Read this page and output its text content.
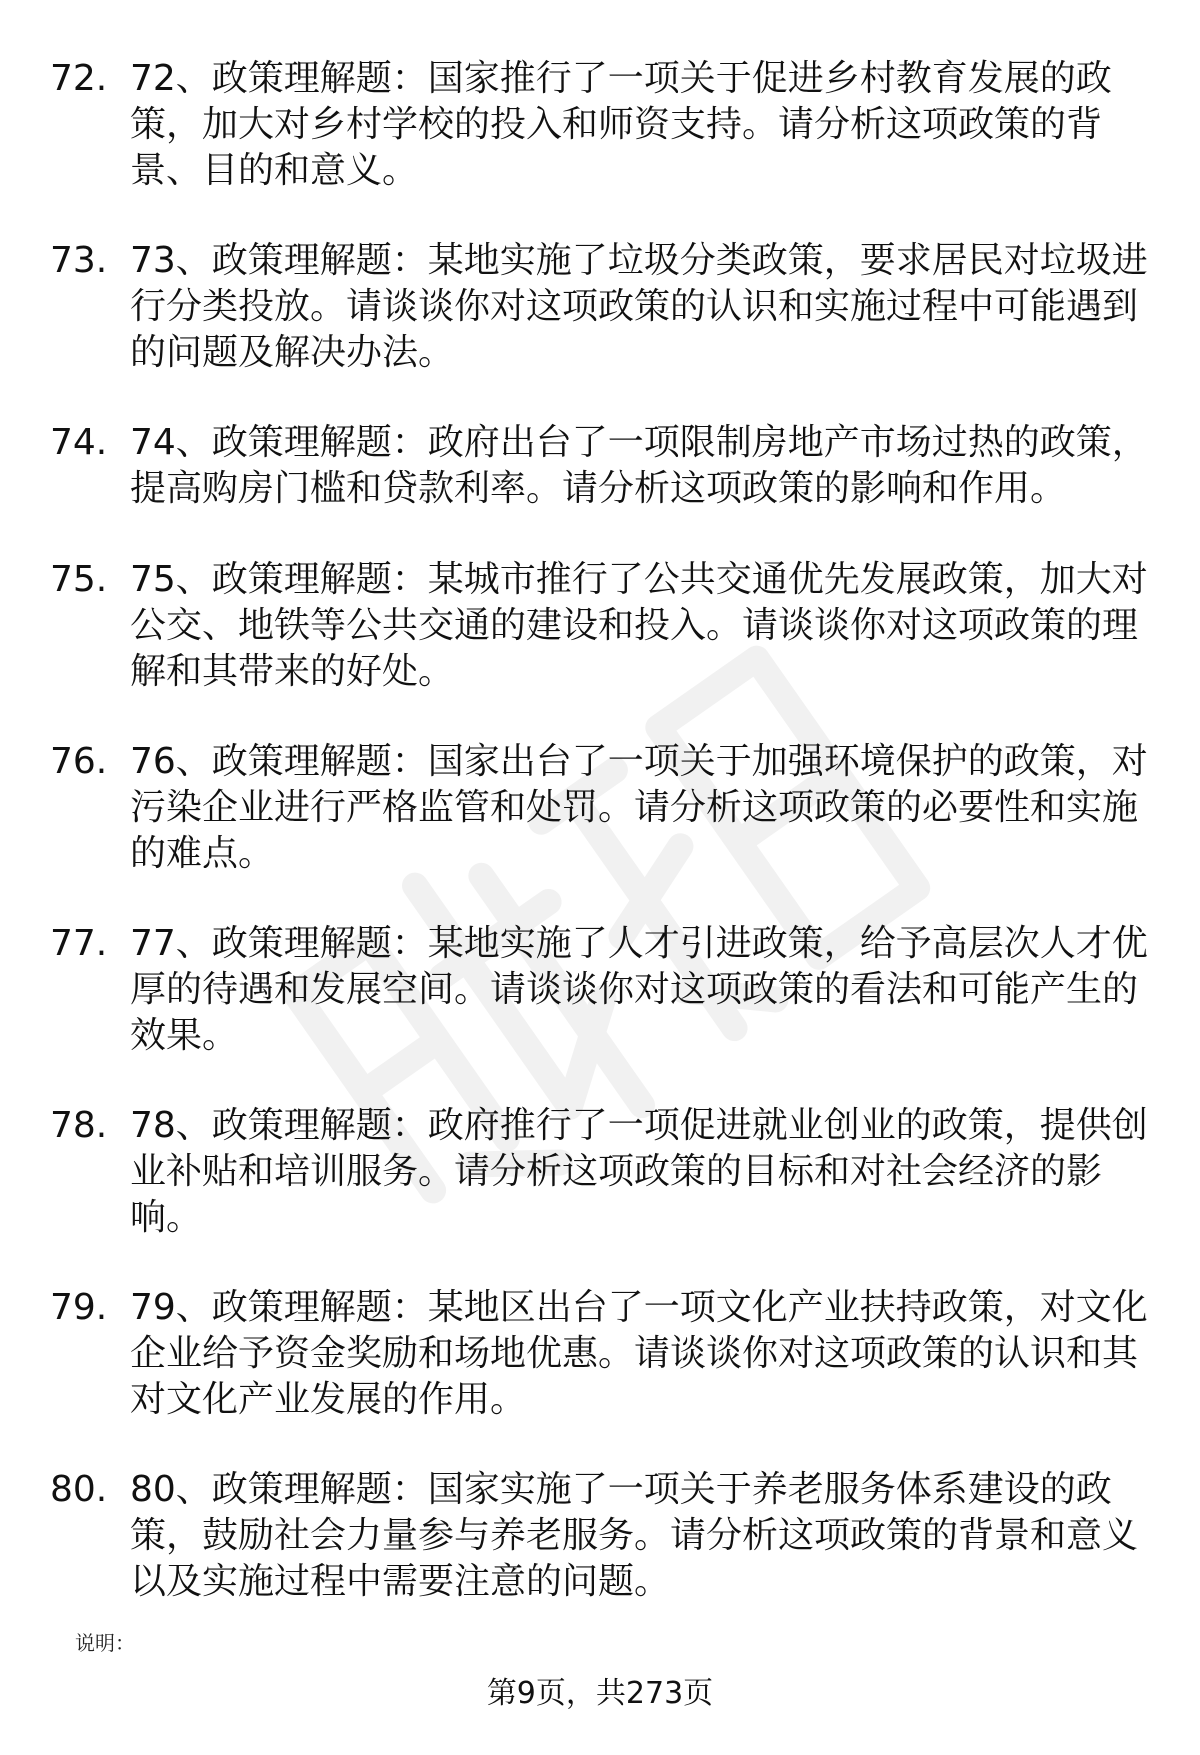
72. 72、政策理解题：国家推行了一项关于促进乡村教育发展的政
策，加大对乡村学校的投入和师资支持。请分析这项政策的背
景、目的和意义。
73. 73、政策理解题：某地实施了垃圾分类政策，要求居民对垃圾进
行分类投放。请谈谈你对这项政策的认识和实施过程中可能遇到
的问题及解决办法。
74. 74、政策理解题：政府出台了一项限制房地产市场过热的政策，
提高购房门槛和贷款利率。请分析这项政策的影响和作用。
75. 75、政策理解题：某城市推行了公共交通优先发展政策，加大对
公交、地铁等公共交通的建设和投入。请谈谈你对这项政策的理
解和其带来的好处。
76. 76、政策理解题：国家出台了一项关于加强环境保护的政策，对
污染企业进行严格监管和处罚。请分析这项政策的必要性和实施
的难点。
77. 77、政策理解题：某地实施了人才引进政策，给予高层次人才优
厚的待遇和发展空间。请谈谈你对这项政策的看法和可能产生的
效果。
78. 78、政策理解题：政府推行了一项促进就业创业的政策，提供创
业补贴和培训服务。请分析这项政策的目标和对社会经济的影
响。
79. 79、政策理解题：某地区出台了一项文化产业扶持政策，对文化
企业给予资金奖励和场地优惠。请谈谈你对这项政策的认识和其
对文化产业发展的作用。
80. 80、政策理解题：国家实施了一项关于养老服务体系建设的政
策，鼓励社会力量参与养老服务。请分析这项政策的背景和意义
以及实施过程中需要注意的问题。
说明：
第9页，共273页
